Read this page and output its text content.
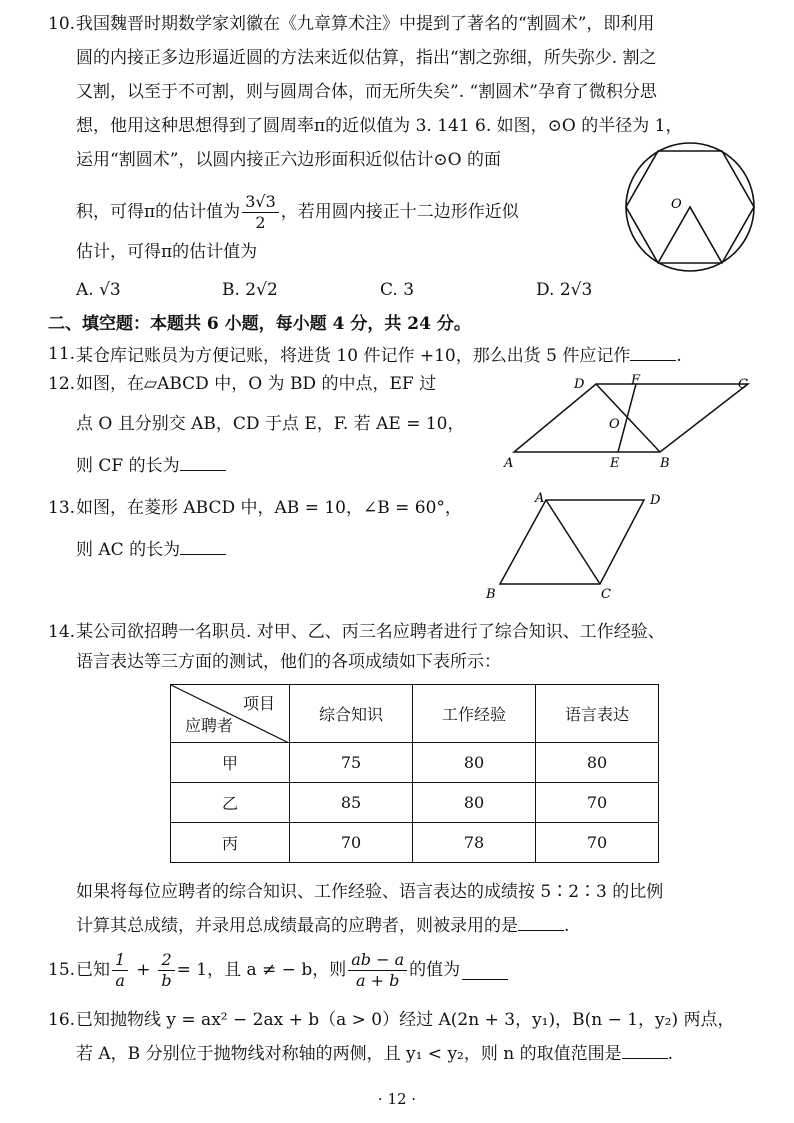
10. 我国魏晋时期数学家刘徽在《九章算术注》中提到了著名的“割圆术”，即利用
圆的内接正多边形逼近圆的方法来近似估算，指出“割之弥细，所失弥少. 割之
又割，以至于不可割，则与圆周合体，而无所失矣”. “割圆术”孕育了微积分思
想，他用这种思想得到了圆周率π的近似值为 3. 141 6. 如图，⊙O 的半径为 1，
运用“割圆术”，以圆内接正六边形面积近似估计⊙O 的面
积，可得π的估计值为 $\frac{3√3}{2}$ ，若用圆内接正十二边形作近似
估计，可得π的估计值为
O
A. √3	B. 2√2	C. 3	D. 2√3
二、填空题：本题共 6 小题，每小题 4 分，共 24 分。
11. 某仓库记账员为方便记账，将进货 10 件记作 +10，那么出货 5 件应记作	.
12. 如图，在▱ABCD 中，O 为 BD 的中点，EF 过
点 O 且分别交 AB，CD 于点 E，F. 若 AE = 10，
则 CF 的长为	A	B
C
D
E
F
O
13. 如图，在菱形 ABCD 中，AB = 10，∠B = 60°，
则 AC 的长为
A
B	C
D
14. 某公司欲招聘一名职员. 对甲、乙、丙三名应聘者进行了综合知识、工作经验、
语言表达等三方面的测试，他们的各项成绩如下表所示：
项目
应聘者	综合知识	工作经验	语言表达
甲	75	80	80
乙	85	80	70
丙	70	78	70
如果将每位应聘者的综合知识、工作经验、语言表达的成绩按 5∶2∶3 的比例
计算其总成绩，并录用总成绩最高的应聘者，则被录用的是	.
15. 已知 $\frac{1}{a} + \frac{2}{b} = 1$，且 a ≠ − b，则 $\frac{ab - a}{a + b}$ 的值为
16. 已知抛物线 y = ax² − 2ax + b（a > 0）经过 A(2n + 3，y₁)，B(n − 1，y₂) 两点，
若 A，B 分别位于抛物线对称轴的两侧，且 y₁ < y₂，则 n 的取值范围是	.
· 12 ·
